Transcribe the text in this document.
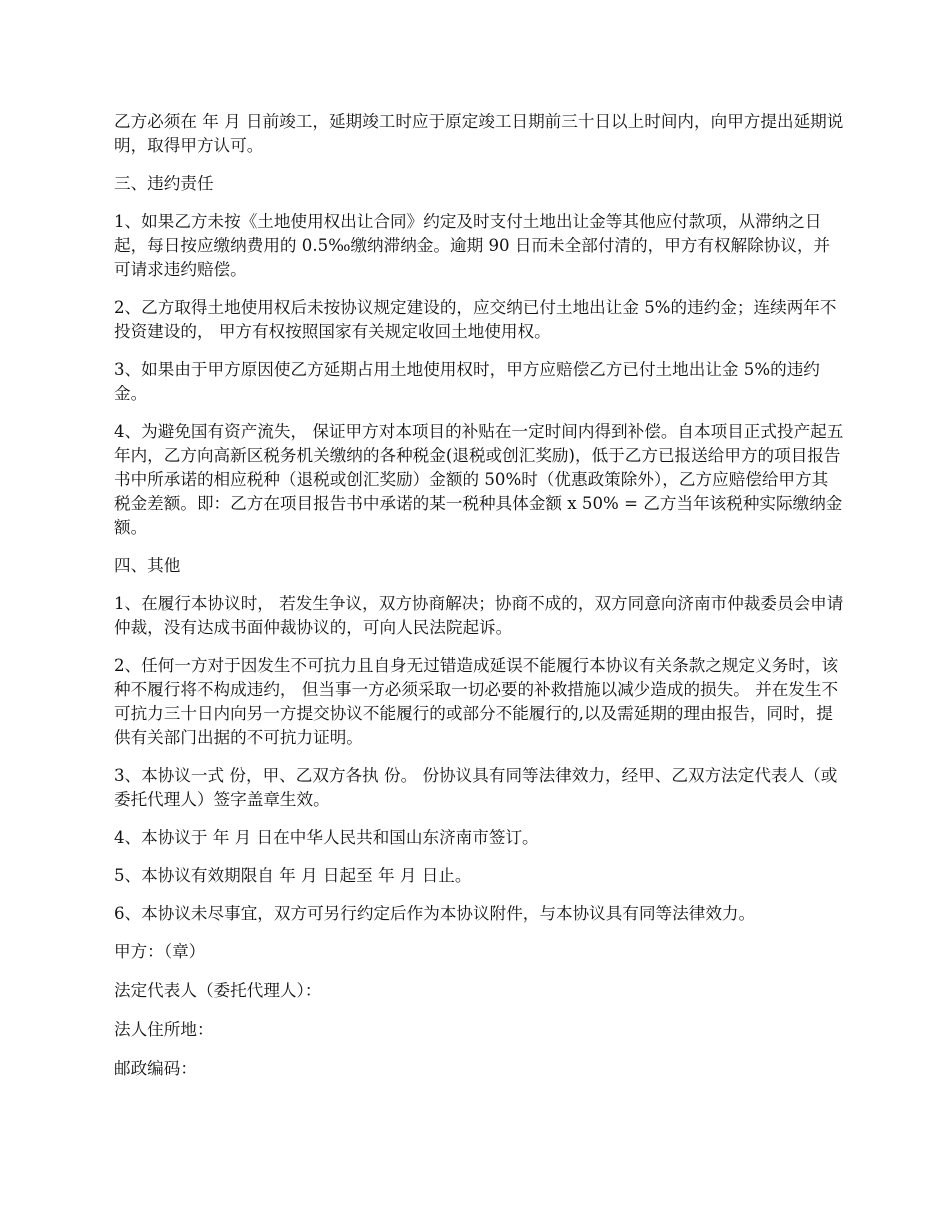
乙方必须在 年 月 日前竣工，延期竣工时应于原定竣工日期前三十日以上时间内，向甲方提出延期说明，取得甲方认可。

三、违约责任

1、如果乙方未按《土地使用权出让合同》约定及时支付土地出让金等其他应付款项，从滞纳之日起，每日按应缴纳费用的 0.5‰缴纳滞纳金。逾期 90 日而未全部付清的，甲方有权解除协议，并可请求违约赔偿。

2、乙方取得土地使用权后未按协议规定建设的，应交纳已付土地出让金 5%的违约金；连续两年不投资建设的， 甲方有权按照国家有关规定收回土地使用权。

3、如果由于甲方原因使乙方延期占用土地使用权时，甲方应赔偿乙方已付土地出让金 5%的违约金。

4、为避免国有资产流失， 保证甲方对本项目的补贴在一定时间内得到补偿。自本项目正式投产起五年内，乙方向高新区税务机关缴纳的各种税金(退税或创汇奖励)，低于乙方已报送给甲方的项目报告书中所承诺的相应税种（退税或创汇奖励）金额的 50%时（优惠政策除外），乙方应赔偿给甲方其税金差额。即：乙方在项目报告书中承诺的某一税种具体金额 x 50% = 乙方当年该税种实际缴纳金额。

四、其他

1、在履行本协议时， 若发生争议，双方协商解决；协商不成的，双方同意向济南市仲裁委员会申请仲裁，没有达成书面仲裁协议的，可向人民法院起诉。

2、任何一方对于因发生不可抗力且自身无过错造成延误不能履行本协议有关条款之规定义务时，该种不履行将不构成违约， 但当事一方必须采取一切必要的补救措施以减少造成的损失。 并在发生不可抗力三十日内向另一方提交协议不能履行的或部分不能履行的,以及需延期的理由报告，同时，提供有关部门出据的不可抗力证明。

3、本协议一式 份，甲、乙双方各执 份。 份协议具有同等法律效力，经甲、乙双方法定代表人（或委托代理人）签字盖章生效。

4、本协议于 年 月 日在中华人民共和国山东济南市签订。

5、本协议有效期限自 年 月 日起至 年 月 日止。

6、本协议未尽事宜，双方可另行约定后作为本协议附件，与本协议具有同等法律效力。

甲方：（章）

法定代表人（委托代理人）：

法人住所地：

邮政编码：
